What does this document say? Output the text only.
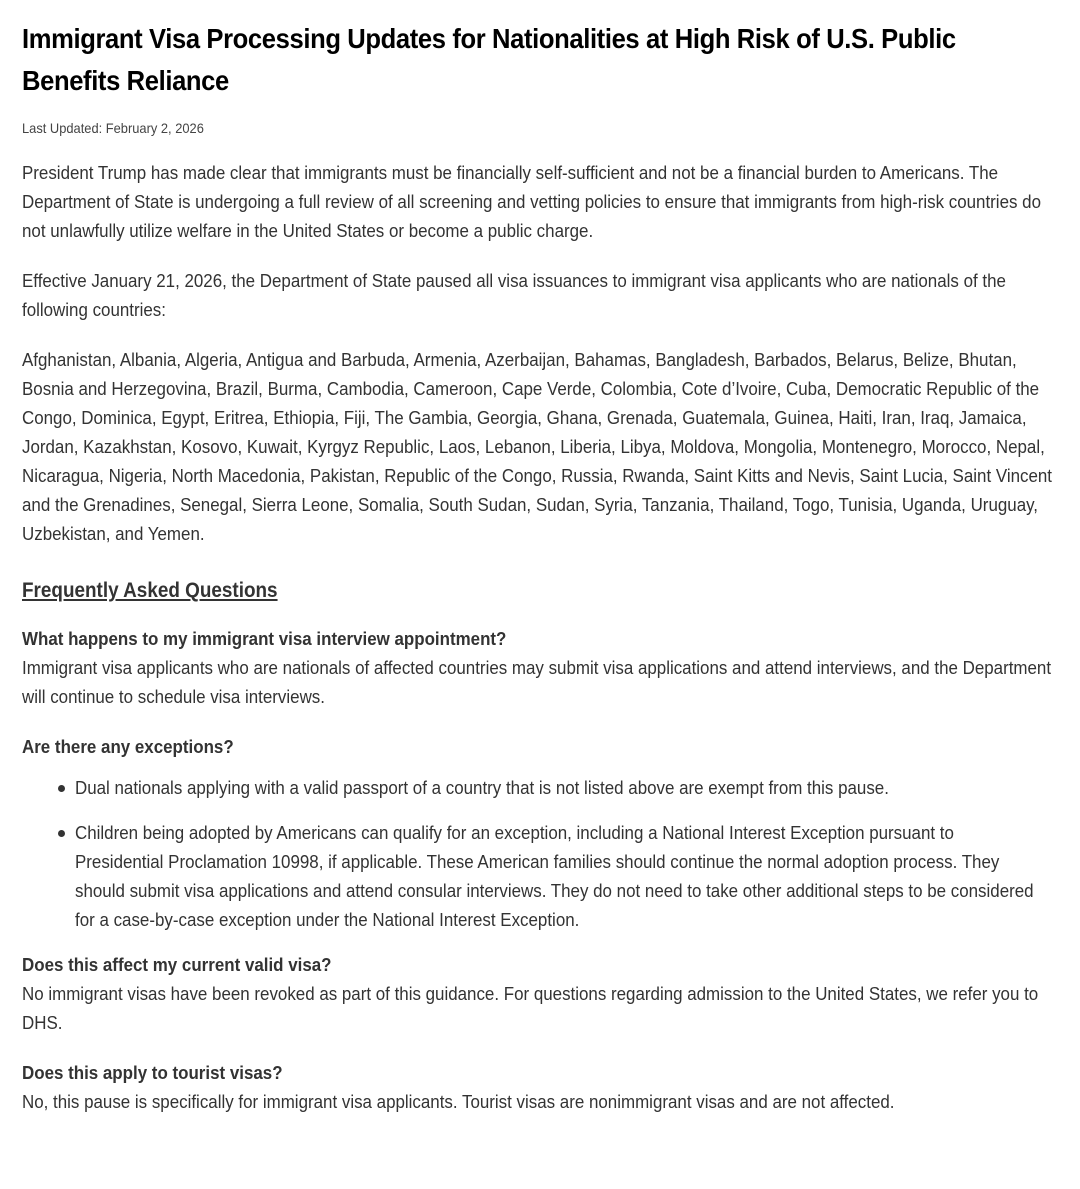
Immigrant Visa Processing Updates for Nationalities at High Risk of U.S. Public Benefits Reliance
Last Updated: February 2, 2026

President Trump has made clear that immigrants must be financially self-sufficient and not be a financial burden to Americans. The Department of State is undergoing a full review of all screening and vetting policies to ensure that immigrants from high-risk countries do not unlawfully utilize welfare in the United States or become a public charge.

Effective January 21, 2026, the Department of State paused all visa issuances to immigrant visa applicants who are nationals of the following countries:

Afghanistan, Albania, Algeria, Antigua and Barbuda, Armenia, Azerbaijan, Bahamas, Bangladesh, Barbados, Belarus, Belize, Bhutan, Bosnia and Herzegovina, Brazil, Burma, Cambodia, Cameroon, Cape Verde, Colombia, Cote d’Ivoire, Cuba, Democratic Republic of the Congo, Dominica, Egypt, Eritrea, Ethiopia, Fiji, The Gambia, Georgia, Ghana, Grenada, Guatemala, Guinea, Haiti, Iran, Iraq, Jamaica, Jordan, Kazakhstan, Kosovo, Kuwait, Kyrgyz Republic, Laos, Lebanon, Liberia, Libya, Moldova, Mongolia, Montenegro, Morocco, Nepal, Nicaragua, Nigeria, North Macedonia, Pakistan, Republic of the Congo, Russia, Rwanda, Saint Kitts and Nevis, Saint Lucia, Saint Vincent and the Grenadines, Senegal, Sierra Leone, Somalia, South Sudan, Sudan, Syria, Tanzania, Thailand, Togo, Tunisia, Uganda, Uruguay, Uzbekistan, and Yemen.

Frequently Asked Questions
What happens to my immigrant visa interview appointment?

Immigrant visa applicants who are nationals of affected countries may submit visa applications and attend interviews, and the Department will continue to schedule visa interviews.

Are there any exceptions?
Dual nationals applying with a valid passport of a country that is not listed above are exempt from this pause.
Children being adopted by Americans can qualify for an exception, including a National Interest Exception pursuant to Presidential Proclamation 10998, if applicable. These American families should continue the normal adoption process. They should submit visa applications and attend consular interviews. They do not need to take other additional steps to be considered for a case-by-case exception under the National Interest Exception.
Does this affect my current valid visa?

No immigrant visas have been revoked as part of this guidance. For questions regarding admission to the United States, we refer you to DHS.

Does this apply to tourist visas?

No, this pause is specifically for immigrant visa applicants. Tourist visas are nonimmigrant visas and are not affected.
